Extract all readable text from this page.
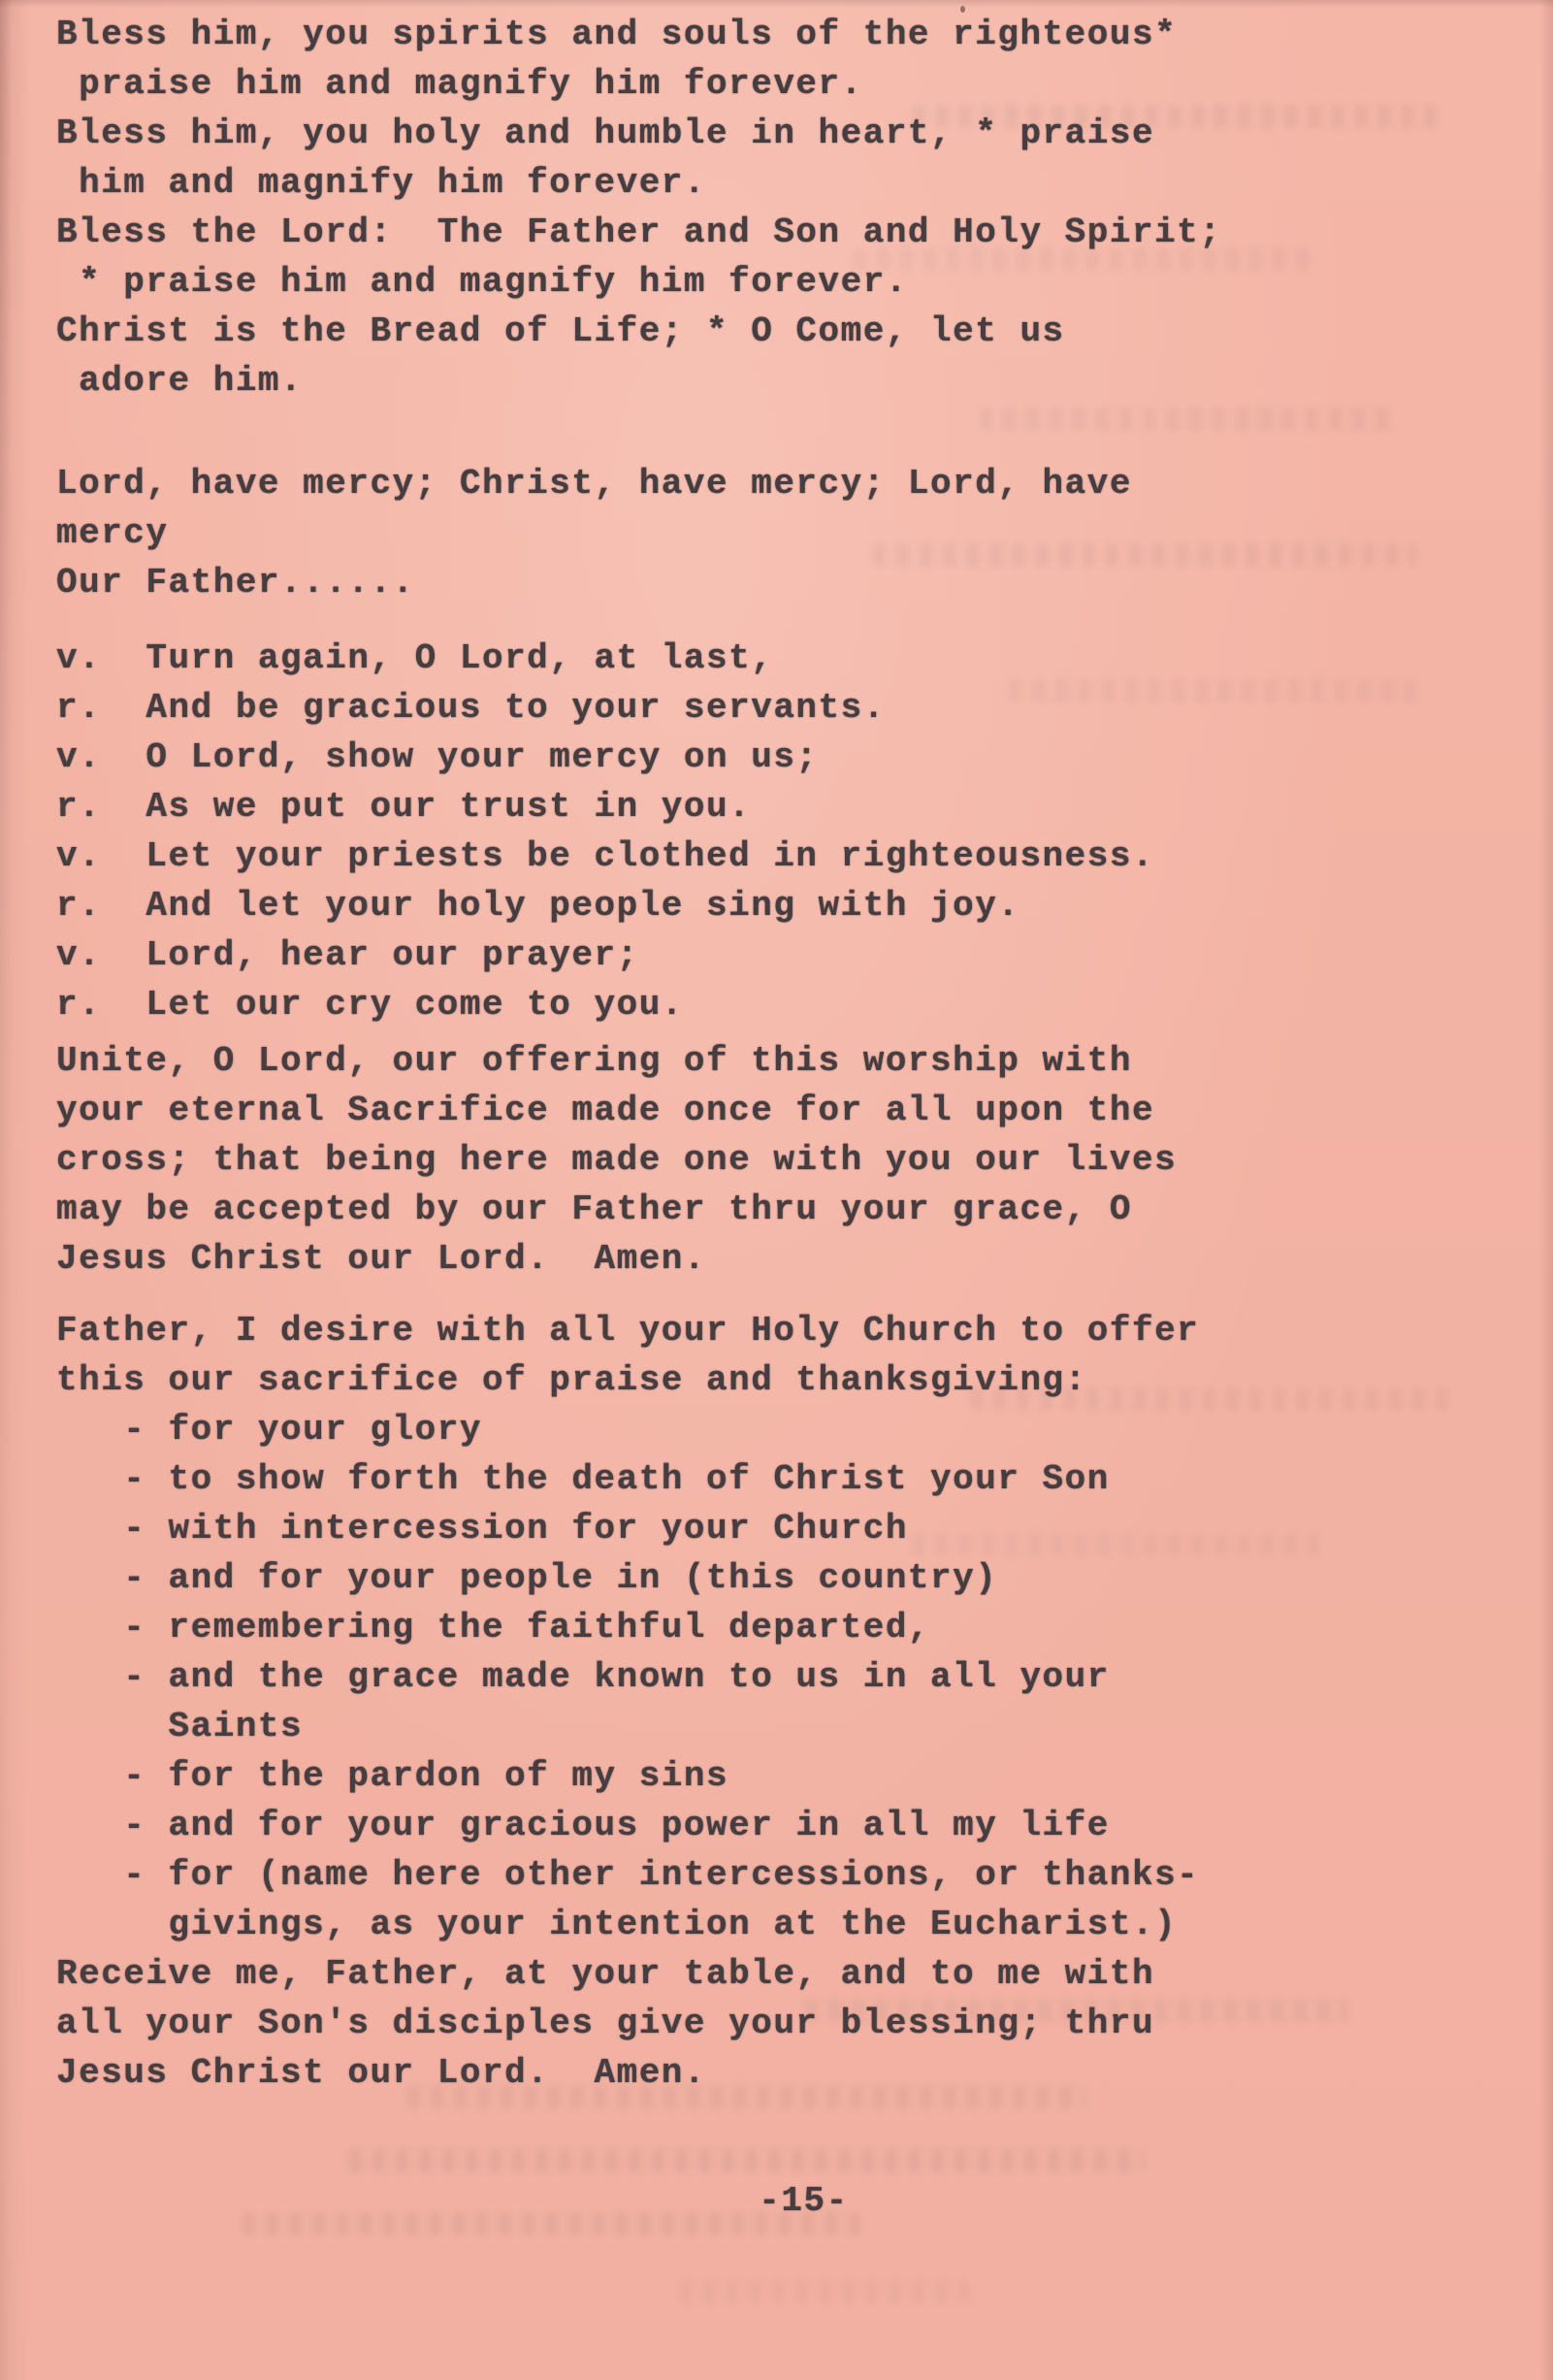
Bless him, you spirits and souls of the righteous*
praise him and magnify him forever.
Bless him, you holy and humble in heart, * praise
him and magnify him forever.
Bless the Lord:  The Father and Son and Holy Spirit;
* praise him and magnify him forever.
Christ is the Bread of Life; * O Come, let us
adore him.
Lord, have mercy; Christ, have mercy; Lord, have
mercy
Our Father......
v.  Turn again, O Lord, at last,
r.  And be gracious to your servants.
v.  O Lord, show your mercy on us;
r.  As we put our trust in you.
v.  Let your priests be clothed in righteousness.
r.  And let your holy people sing with joy.
v.  Lord, hear our prayer;
r.  Let our cry come to you.
Unite, O Lord, our offering of this worship with
your eternal Sacrifice made once for all upon the
cross; that being here made one with you our lives
may be accepted by our Father thru your grace, O
Jesus Christ our Lord.  Amen.
Father, I desire with all your Holy Church to offer
this our sacrifice of praise and thanksgiving:
- for your glory
- to show forth the death of Christ your Son
- with intercession for your Church
- and for your people in (this country)
- remembering the faithful departed,
- and the grace made known to us in all your
Saints
- for the pardon of my sins
- and for your gracious power in all my life
- for (name here other intercessions, or thanks-
givings, as your intention at the Eucharist.)
Receive me, Father, at your table, and to me with
all your Son's disciples give your blessing; thru
Jesus Christ our Lord.  Amen.
-15-
